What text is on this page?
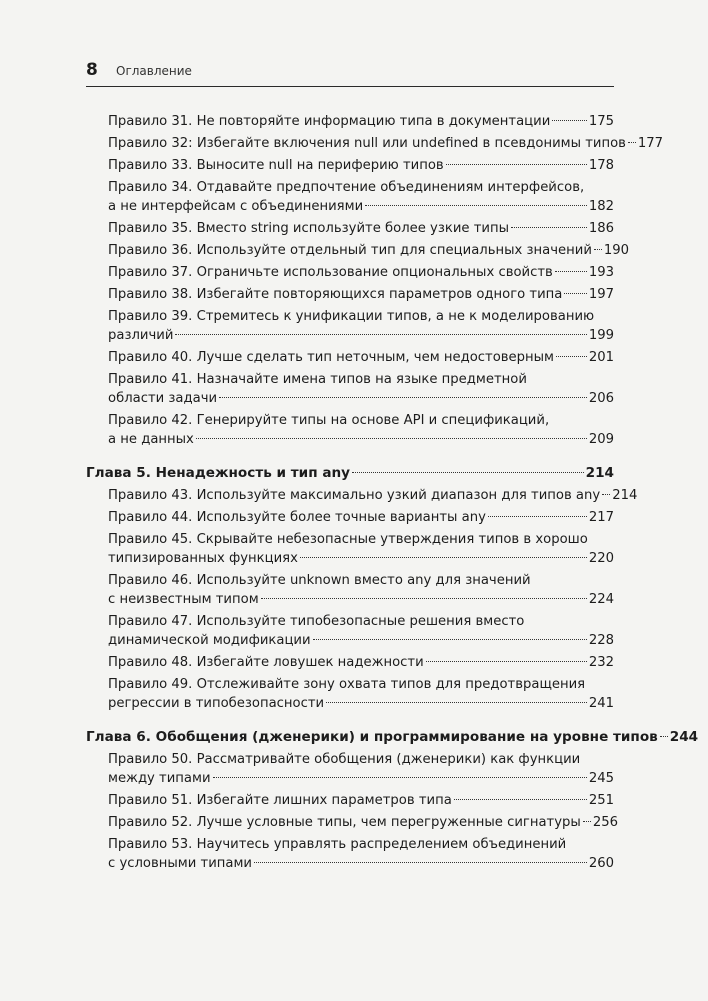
8 Оглавление
Правило 31. Не повторяйте информацию типа в документации	175
Правило 32: Избегайте включения null или undefined в псевдонимы типов 177
Правило 33. Выносите null на периферию типов	178
Правило 34. Отдавайте предпочтение объединениям интерфейсов,
а не интерфейсам с объединениями	182
Правило 35. Вместо string используйте более узкие типы	186
Правило 36. Используйте отдельный тип для специальных значений 190
Правило 37. Ограничьте использование опциональных свойств	193
Правило 38. Избегайте повторяющихся параметров одного типа 197
Правило 39. Стремитесь к унификации типов, а не к моделированию
различий	199
Правило 40. Лучше сделать тип неточным, чем недостоверным	201
Правило 41. Назначайте имена типов на языке предметной
области задачи	206
Правило 42. Генерируйте типы на основе API и спецификаций,
а не данных	209
Глава 5. Ненадежность и тип any	214
Правило 43. Используйте максимально узкий диапазон для типов any 214
Правило 44. Используйте более точные варианты any	217
Правило 45. Скрывайте небезопасные утверждения типов в хорошо
типизированных функциях	220
Правило 46. Используйте unknown вместо any для значений
с неизвестным типом	224
Правило 47. Используйте типобезопасные решения вместо
динамической модификации	228
Правило 48. Избегайте ловушек надежности	232
Правило 49. Отслеживайте зону охвата типов для предотвращения
регрессии в типобезопасности	241
Глава 6. Обобщения (дженерики) и программирование на уровне типов 244
Правило 50. Рассматривайте обобщения (дженерики) как функции
между типами	245
Правило 51. Избегайте лишних параметров типа	251
Правило 52. Лучше условные типы, чем перегруженные сигнатуры 256
Правило 53. Научитесь управлять распределением объединений
с условными типами	260
